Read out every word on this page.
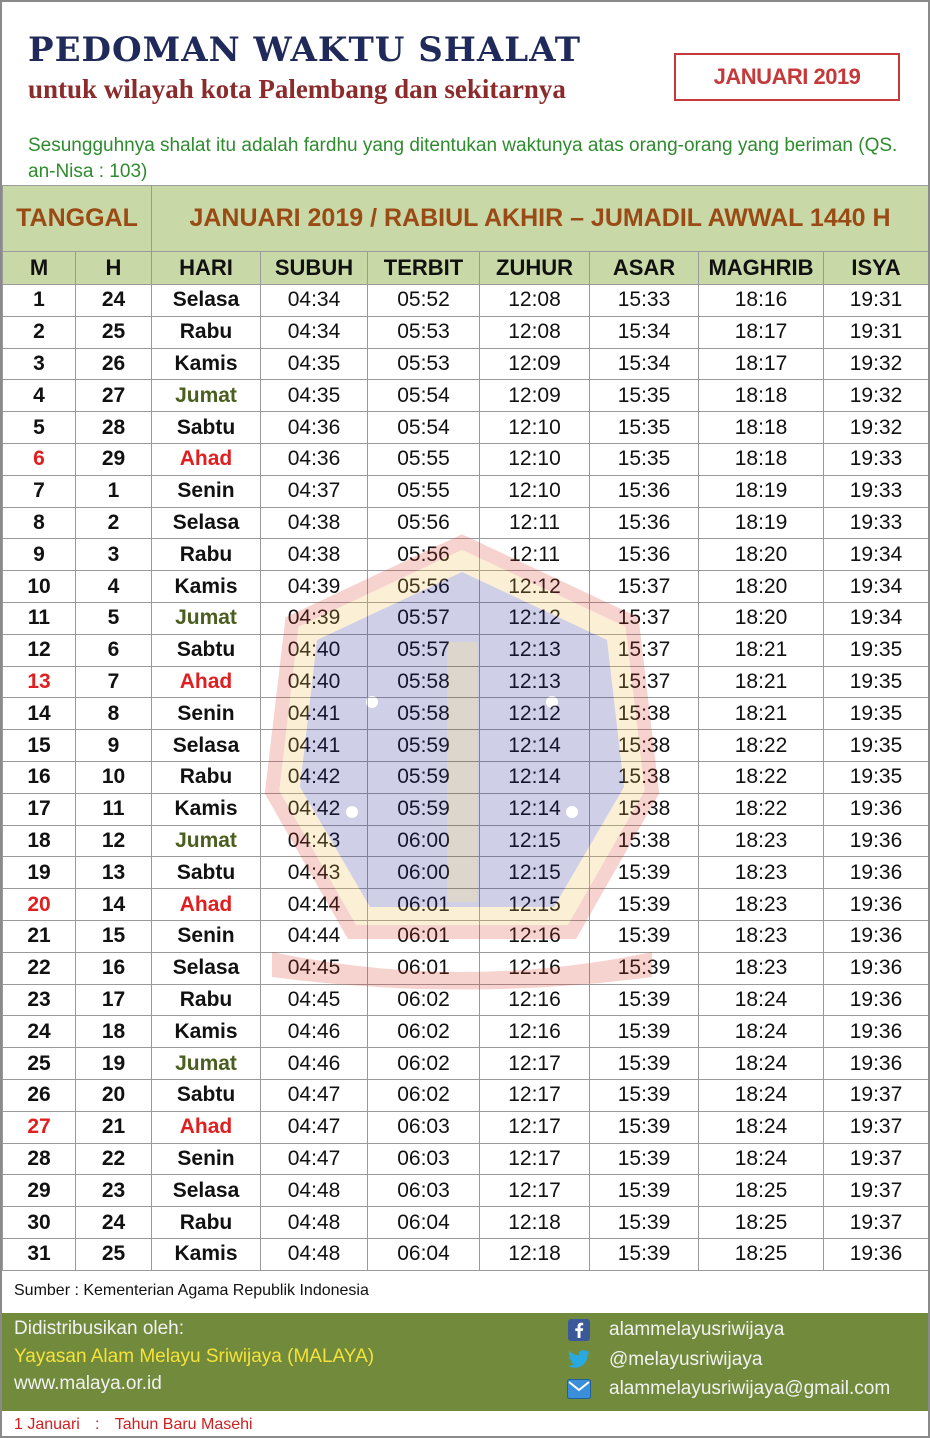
PEDOMAN WAKTU SHALAT
untuk wilayah kota Palembang dan sekitarnya	JANUARI 2019
Sesungguhnya shalat itu adalah fardhu yang ditentukan waktunya atas orang-orang yang beriman (QS. an-Nisa : 103)
TANGGAL		JANUARI 2019 / RABIUL AKHIR – JUMADIL AWWAL 1440 H						
M	H	HARI	SUBUH	TERBIT	ZUHUR	ASAR	MAGHRIB	ISYA
1	24	Selasa	04:34	05:52	12:08	15:33	18:16	19:31
2	25	Rabu	04:34	05:53	12:08	15:34	18:17	19:31
3	26	Kamis	04:35	05:53	12:09	15:34	18:17	19:32
4	27	Jumat	04:35	05:54	12:09	15:35	18:18	19:32
5	28	Sabtu	04:36	05:54	12:10	15:35	18:18	19:32
6	29	Ahad	04:36	05:55	12:10	15:35	18:18	19:33
7	1	Senin	04:37	05:55	12:10	15:36	18:19	19:33
8	2	Selasa	04:38	05:56	12:11	15:36	18:19	19:33
9	3	Rabu	04:38	05:56	12:11	15:36	18:20	19:34
10	4	Kamis	04:39	05:56	12:12	15:37	18:20	19:34
11	5	Jumat	04:39	05:57	12:12	15:37	18:20	19:34
12	6	Sabtu	04:40	05:57	12:13	15:37	18:21	19:35
13	7	Ahad	04:40	05:58	12:13	15:37	18:21	19:35
14	8	Senin	04:41	05:58	12:12	15:38	18:21	19:35
15	9	Selasa	04:41	05:59	12:14	15:38	18:22	19:35
16	10	Rabu	04:42	05:59	12:14	15:38	18:22	19:35
17	11	Kamis	04:42	05:59	12:14	15:38	18:22	19:36
18	12	Jumat	04:43	06:00	12:15	15:38	18:23	19:36
19	13	Sabtu	04:43	06:00	12:15	15:39	18:23	19:36
20	14	Ahad	04:44	06:01	12:15	15:39	18:23	19:36
21	15	Senin	04:44	06:01	12:16	15:39	18:23	19:36
22	16	Selasa	04:45	06:01	12:16	15:39	18:23	19:36
23	17	Rabu	04:45	06:02	12:16	15:39	18:24	19:36
24	18	Kamis	04:46	06:02	12:16	15:39	18:24	19:36
25	19	Jumat	04:46	06:02	12:17	15:39	18:24	19:36
26	20	Sabtu	04:47	06:02	12:17	15:39	18:24	19:37
27	21	Ahad	04:47	06:03	12:17	15:39	18:24	19:37
28	22	Senin	04:47	06:03	12:17	15:39	18:24	19:37
29	23	Selasa	04:48	06:03	12:17	15:39	18:25	19:37
30	24	Rabu	04:48	06:04	12:18	15:39	18:25	19:37
31	25	Kamis	04:48	06:04	12:18	15:39	18:25	19:36
Sumber : Kementerian Agama Republik Indonesia
Didistribusikan oleh:
Yayasan Alam Melayu Sriwijaya (MALAYA)
www.malaya.or.id
alammelayusriwijaya
@melayusriwijaya
alammelayusriwijaya@gmail.com
1 Januari : Tahun Baru Masehi
